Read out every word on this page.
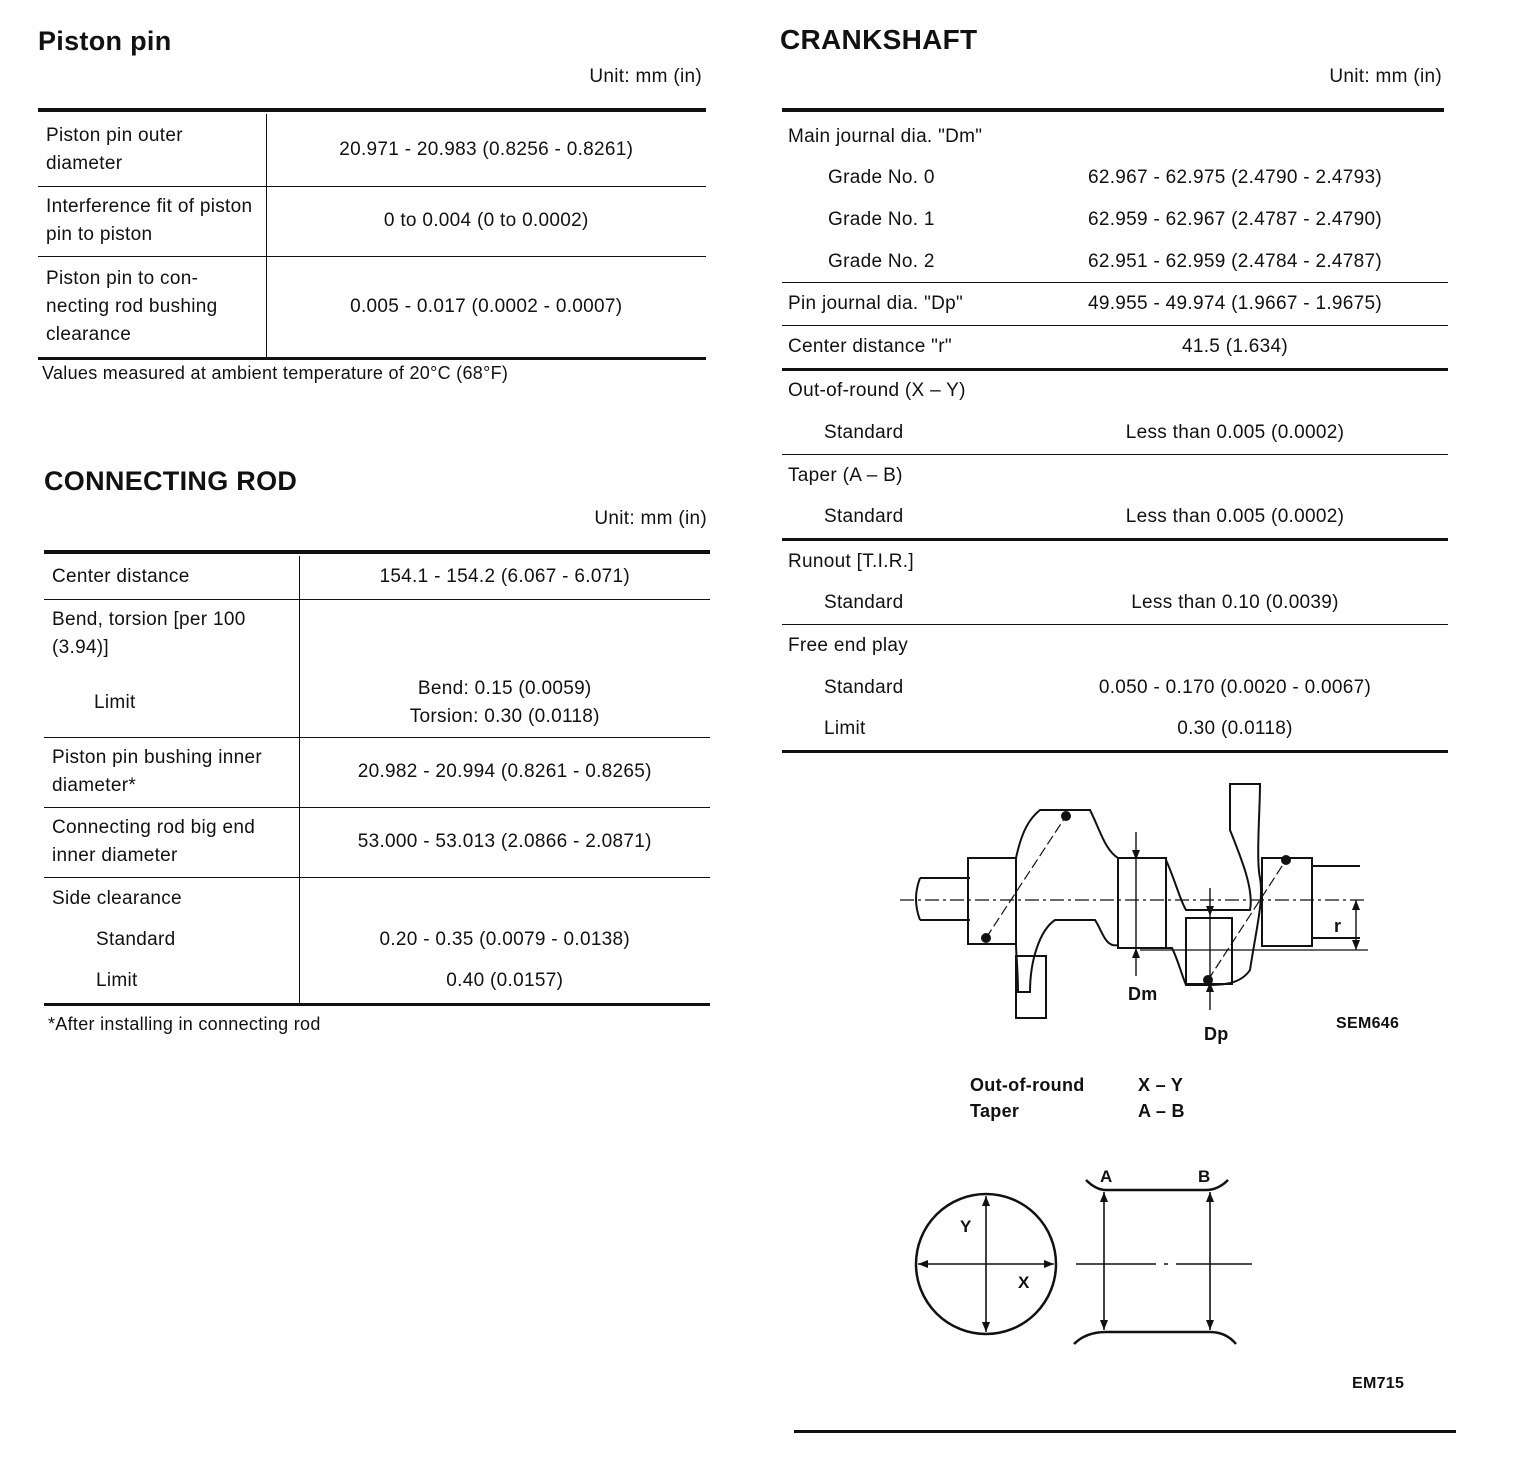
Piston pin
Unit: mm (in)
Piston pin outer diameter	20.971 - 20.983 (0.8256 - 0.8261)
Interference fit of piston pin to piston	0 to 0.004 (0 to 0.0002)
Piston pin to con-necting rod bushing clearance	0.005 - 0.017 (0.0002 - 0.0007)
Values measured at ambient temperature of 20°C (68°F)
CONNECTING ROD
Unit: mm (in)
Center distance	154.1 - 154.2 (6.067 - 6.071)
Bend, torsion [per 100 (3.94)]	
Limit	Bend: 0.15 (0.0059)
Torsion: 0.30 (0.0118)

Piston pin bushing inner diameter*	20.982 - 20.994 (0.8261 - 0.8265)
Connecting rod big end inner diameter	53.000 - 53.013 (2.0866 - 2.0871)
Side clearance	
Standard	0.20 - 0.35 (0.0079 - 0.0138)
Limit	0.40 (0.0157)
*After installing in connecting rod
CRANKSHAFT
Unit: mm (in)
Main journal dia. "Dm"	
Grade No. 0	62.967 - 62.975 (2.4790 - 2.4793)
Grade No. 1	62.959 - 62.967 (2.4787 - 2.4790)
Grade No. 2	62.951 - 62.959 (2.4784 - 2.4787)
Pin journal dia. "Dp"	49.955 - 49.974 (1.9667 - 1.9675)
Center distance "r"	41.5 (1.634)
Out-of-round (X – Y)	
Standard	Less than 0.005 (0.0002)
Taper (A – B)	
Standard	Less than 0.005 (0.0002)
Runout [T.I.R.]	
Standard	Less than 0.10 (0.0039)
Free end play	
Standard	0.050 - 0.170 (0.0020 - 0.0067)
Limit	0.30 (0.0118)
Dm
Dp
r
SEM646
Out-of-round	X – Y
Taper	A – B
Y
X
A	B
EM715
